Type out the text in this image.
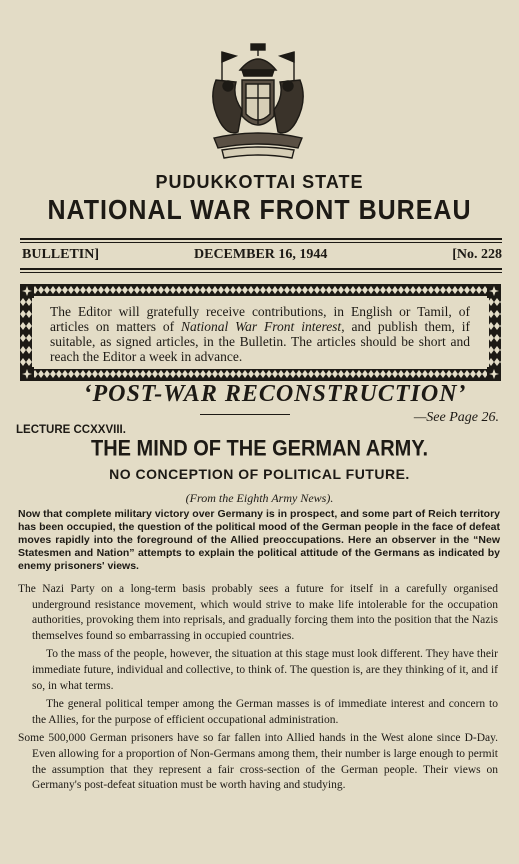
PUDUKKOTTAI STATE
NATIONAL WAR FRONT BUREAU
BULLETIN]	DECEMBER 16, 1944	[No. 228
The Editor will gratefully receive contributions, in English or Tamil, of articles on matters of National War Front interest, and publish them, if suitable, as signed articles, in the Bulletin. The articles should be short and reach the Editor a week in advance.
‘POST-WAR RECONSTRUCTION’
—See Page 26.
LECTURE CCXXVIII.
THE MIND OF THE GERMAN ARMY.
NO CONCEPTION OF POLITICAL FUTURE.
(From the Eighth Army News).
Now that complete military victory over Germany is in prospect, and some part of Reich territory has been occupied, the question of the political mood of the German people in the face of defeat moves rapidly into the foreground of the Allied preoccupations. Here an observer in the “New Statesmen and Nation” attempts to explain the political attitude of the Germans as indicated by enemy prisoners' views.

The Nazi Party on a long-term basis probably sees a future for itself in a carefully organised underground resistance movement, which would strive to make life intolerable for the occupation authorities, provoking them into reprisals, and gradually forcing them into the position that the Nazis themselves found so embarrassing in occupied countries.

To the mass of the people, however, the situation at this stage must look different. They have their immediate future, individual and collective, to think of. The question is, are they thinking of it, and if so, in what terms.

The general political temper among the German masses is of immediate interest and concern to the Allies, for the purpose of efficient occupational administration.

Some 500,000 German prisoners have so far fallen into Allied hands in the West alone since D-Day. Even allowing for a proportion of Non-Germans among them, their number is large enough to permit the assumption that they represent a fair cross-section of the German people. Their views on Germany's post-defeat situation must be worth having and studying.
